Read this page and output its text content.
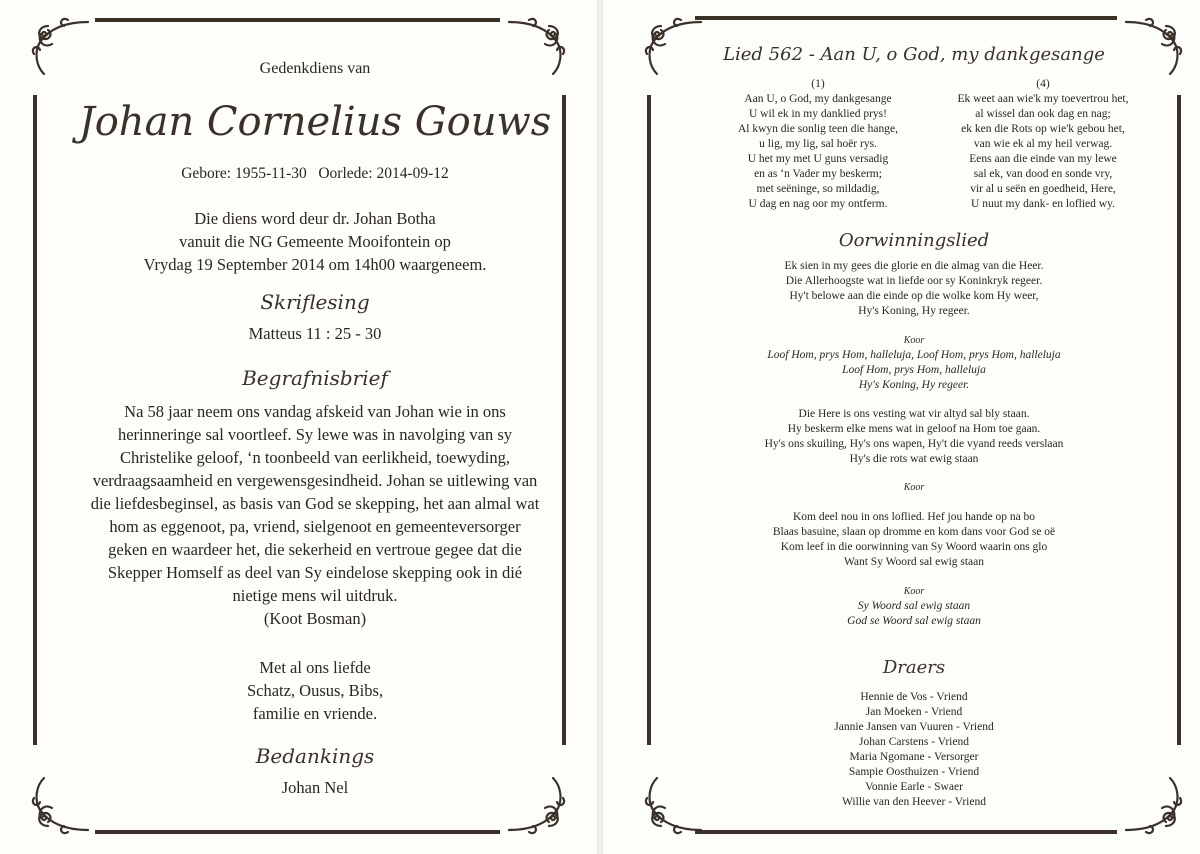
Gedenkdiens van
Johan Cornelius Gouws
Gebore: 1955-11-30   Oorlede: 2014-09-12
Die diens word deur dr. Johan Botha
vanuit die NG Gemeente Mooifontein op
Vrydag 19 September 2014 om 14h00 waargeneem.
Skriflesing
Matteus 11 : 25 - 30
Begrafnisbrief
Na 58 jaar neem ons vandag afskeid van Johan wie in ons
herinneringe sal voortleef. Sy lewe was in navolging van sy
Christelike geloof, ‘n toonbeeld van eerlikheid, toewyding,
verdraagsaamheid en vergewensgesindheid. Johan se uitlewing van
die liefdesbeginsel, as basis van God se skepping, het aan almal wat
hom as eggenoot, pa, vriend, sielgenoot en gemeenteversorger
geken en waardeer het, die sekerheid en vertroue gegee dat die
Skepper Homself as deel van Sy eindelose skepping ook in dié
nietige mens wil uitdruk.
(Koot Bosman)
Met al ons liefde
Schatz, Ousus, Bibs,
familie en vriende.
Bedankings
Johan Nel
Lied 562 - Aan U, o God, my dankgesange
(1)
Aan U, o God, my dankgesange
U wil ek in my danklied prys!
Al kwyn die sonlig teen die hange,
u lig, my lig, sal hoër rys.
U het my met U guns versadig
en as ‘n Vader my beskerm;
met seëninge, so mildadig,
U dag en nag oor my ontferm.
(4)
Ek weet aan wie'k my toevertrou het,
al wissel dan ook dag en nag;
ek ken die Rots op wie'k gebou het,
van wie ek al my heil verwag.
Eens aan die einde van my lewe
sal ek, van dood en sonde vry,
vir al u seën en goedheid, Here,
U nuut my dank- en loflied wy.
Oorwinningslied
Ek sien in my gees die glorie en die almag van die Heer.
Die Allerhoogste wat in liefde oor sy Koninkryk regeer.
Hy't belowe aan die einde op die wolke kom Hy weer,
Hy's Koning, Hy regeer.
Koor
Loof Hom, prys Hom, halleluja, Loof Hom, prys Hom, halleluja
Loof Hom, prys Hom, halleluja
Hy's Koning, Hy regeer.
Die Here is ons vesting wat vir altyd sal bly staan.
Hy beskerm elke mens wat in geloof na Hom toe gaan.
Hy's ons skuiling, Hy's ons wapen, Hy't die vyand reeds verslaan
Hy's die rots wat ewig staan
Koor
Kom deel nou in ons loflied. Hef jou hande op na bo
Blaas basuine, slaan op dromme en kom dans voor God se oë
Kom leef in die oorwinning van Sy Woord waarin ons glo
Want Sy Woord sal ewig staan
Koor
Sy Woord sal ewig staan
God se Woord sal ewig staan
Draers
Hennie de Vos - Vriend
Jan Moeken - Vriend
Jannie Jansen van Vuuren - Vriend
Johan Carstens - Vriend
Maria Ngomane - Versorger
Sampie Oosthuizen - Vriend
Vonnie Earle - Swaer
Willie van den Heever - Vriend
